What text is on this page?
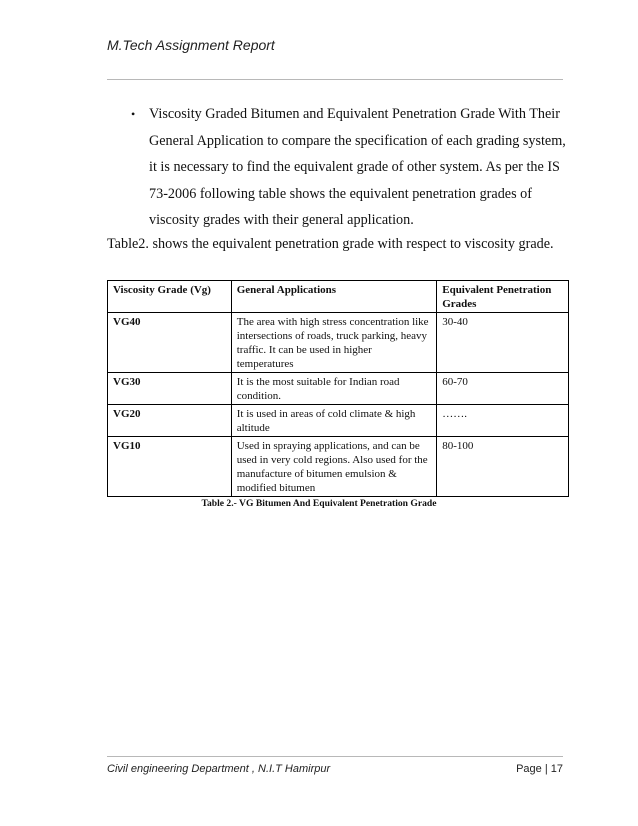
M.Tech Assignment Report
• Viscosity Graded Bitumen and Equivalent Penetration Grade With Their General Application to compare the specification of each grading system, it is necessary to find the equivalent grade of other system. As per the IS 73-2006 following table shows the equivalent penetration grades of viscosity grades with their general application.
Table2. shows the equivalent penetration grade with respect to viscosity grade.
Viscosity Grade (Vg)	General Applications	Equivalent Penetration Grades
VG40	The area with high stress concentration like intersections of roads, truck parking, heavy traffic. It can be used in higher temperatures	30-40
VG30	It is the most suitable for Indian road condition.	60-70
VG20	It is used in areas of cold climate & high altitude	…….
VG10	Used in spraying applications, and can be used in very cold regions. Also used for the manufacture of bitumen emulsion & modified bitumen	80-100
Table 2.- VG Bitumen And Equivalent Penetration Grade
Civil engineering Department , N.I.T Hamirpur	Page | 17
